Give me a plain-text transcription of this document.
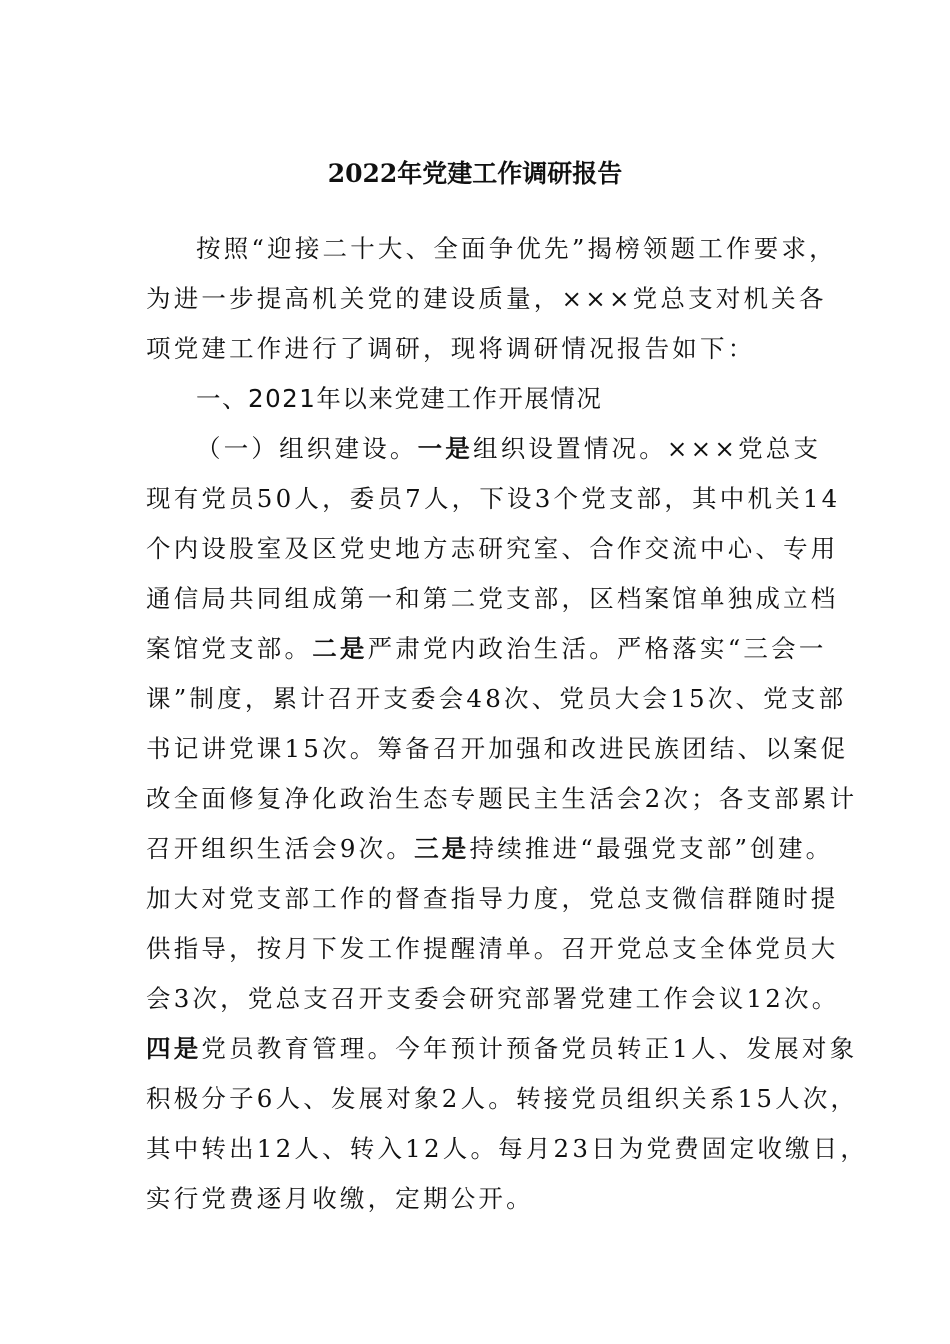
2022年党建工作调研报告
按照“迎接二十大、全面争优先”揭榜领题工作要求，
为进一步提高机关党的建设质量，×××党总支对机关各
项党建工作进行了调研，现将调研情况报告如下：
一、2021年以来党建工作开展情况
（一）组织建设。一是组织设置情况。×××党总支
现有党员50人，委员7人，下设3个党支部，其中机关14
个内设股室及区党史地方志研究室、合作交流中心、专用
通信局共同组成第一和第二党支部，区档案馆单独成立档
案馆党支部。二是严肃党内政治生活。严格落实“三会一
课”制度，累计召开支委会48次、党员大会15次、党支部
书记讲党课15次。筹备召开加强和改进民族团结、以案促
改全面修复净化政治生态专题民主生活会2次；各支部累计
召开组织生活会9次。三是持续推进“最强党支部”创建。
加大对党支部工作的督查指导力度，党总支微信群随时提
供指导，按月下发工作提醒清单。召开党总支全体党员大
会3次，党总支召开支委会研究部署党建工作会议12次。
四是党员教育管理。今年预计预备党员转正1人、发展对象
积极分子6人、发展对象2人。转接党员组织关系15人次，
其中转出12人、转入12人。每月23日为党费固定收缴日，
实行党费逐月收缴，定期公开。
